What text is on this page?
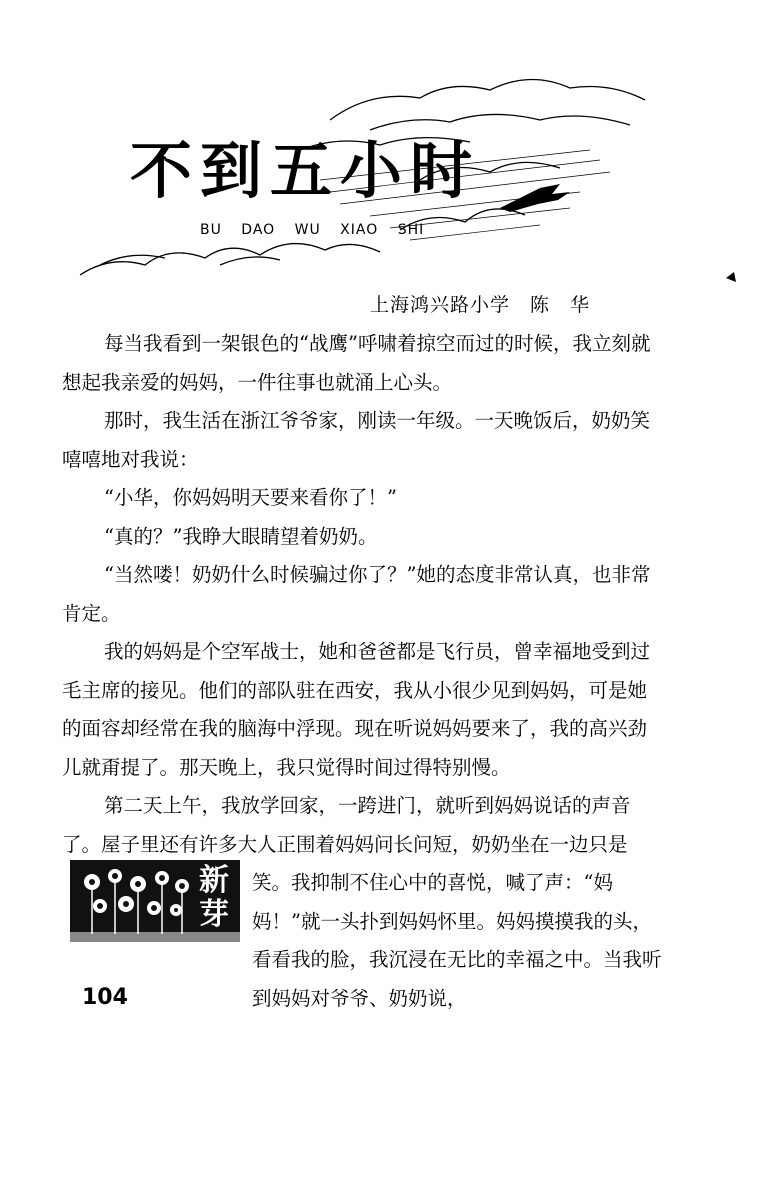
不到五小时
BU DAO WU XIAO SHI
上海鸿兴路小学　陈　华

每当我看到一架银色的“战鹰”呼啸着掠空而过的时候，我立刻就想起我亲爱的妈妈，一件往事也就涌上心头。

那时，我生活在浙江爷爷家，刚读一年级。一天晚饭后，奶奶笑嘻嘻地对我说：

“小华，你妈妈明天要来看你了！”

“真的？”我睁大眼睛望着奶奶。

“当然喽！奶奶什么时候骗过你了？”她的态度非常认真，也非常肯定。

我的妈妈是个空军战士，她和爸爸都是飞行员，曾幸福地受到过毛主席的接见。他们的部队驻在西安，我从小很少见到妈妈，可是她的面容却经常在我的脑海中浮现。现在听说妈妈要来了，我的高兴劲儿就甭提了。那天晚上，我只觉得时间过得特别慢。

第二天上午，我放学回家，一跨进门，就听到妈妈说话的声音了。屋子里还有许多大人正围着妈妈问长问短，奶奶坐在一边只是笑。我抑制不住心中的喜悦，喊了声：“妈妈！”就一头扑到妈妈怀里。妈妈摸摸我的头，看看我的脸，我沉浸在无比的幸福之中。当我听到妈妈对爷爷、奶奶说，

新芽
104
